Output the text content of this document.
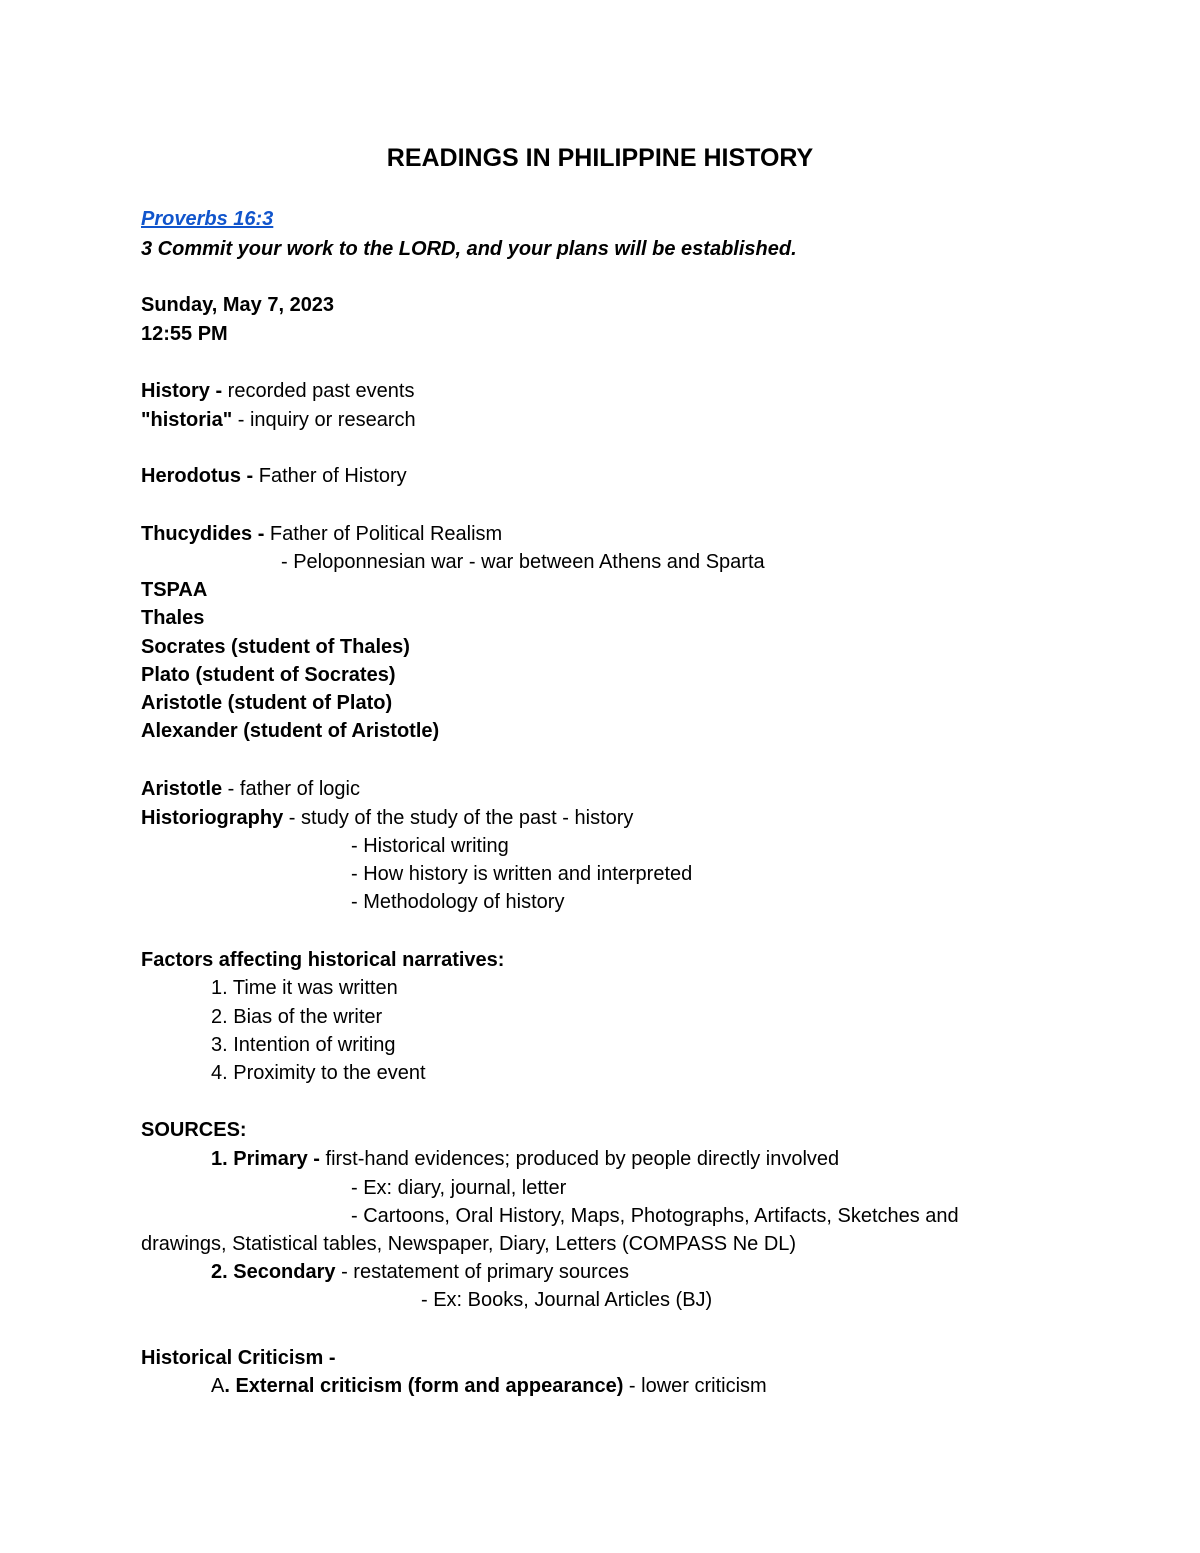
READINGS IN PHILIPPINE HISTORY
Proverbs 16:3
3 Commit your work to the LORD, and your plans will be established.
Sunday, May 7, 2023
12:55 PM
History - recorded past events
"historia" - inquiry or research
Herodotus - Father of History
Thucydides - Father of Political Realism
- Peloponnesian war - war between Athens and Sparta
TSPAA
Thales
Socrates (student of Thales)
Plato (student of Socrates)
Aristotle (student of Plato)
Alexander (student of Aristotle)
Aristotle - father of logic
Historiography - study of the study of the past - history
- Historical writing
- How history is written and interpreted
- Methodology of history
Factors affecting historical narratives:
1. Time it was written
2. Bias of the writer
3. Intention of writing
4. Proximity to the event
SOURCES:
1. Primary - first-hand evidences; produced by people directly involved
- Ex: diary, journal, letter
- Cartoons, Oral History, Maps, Photographs, Artifacts, Sketches and
drawings, Statistical tables, Newspaper, Diary, Letters (COMPASS Ne DL)
2. Secondary - restatement of primary sources
- Ex: Books, Journal Articles (BJ)
Historical Criticism -
A. External criticism (form and appearance) - lower criticism
